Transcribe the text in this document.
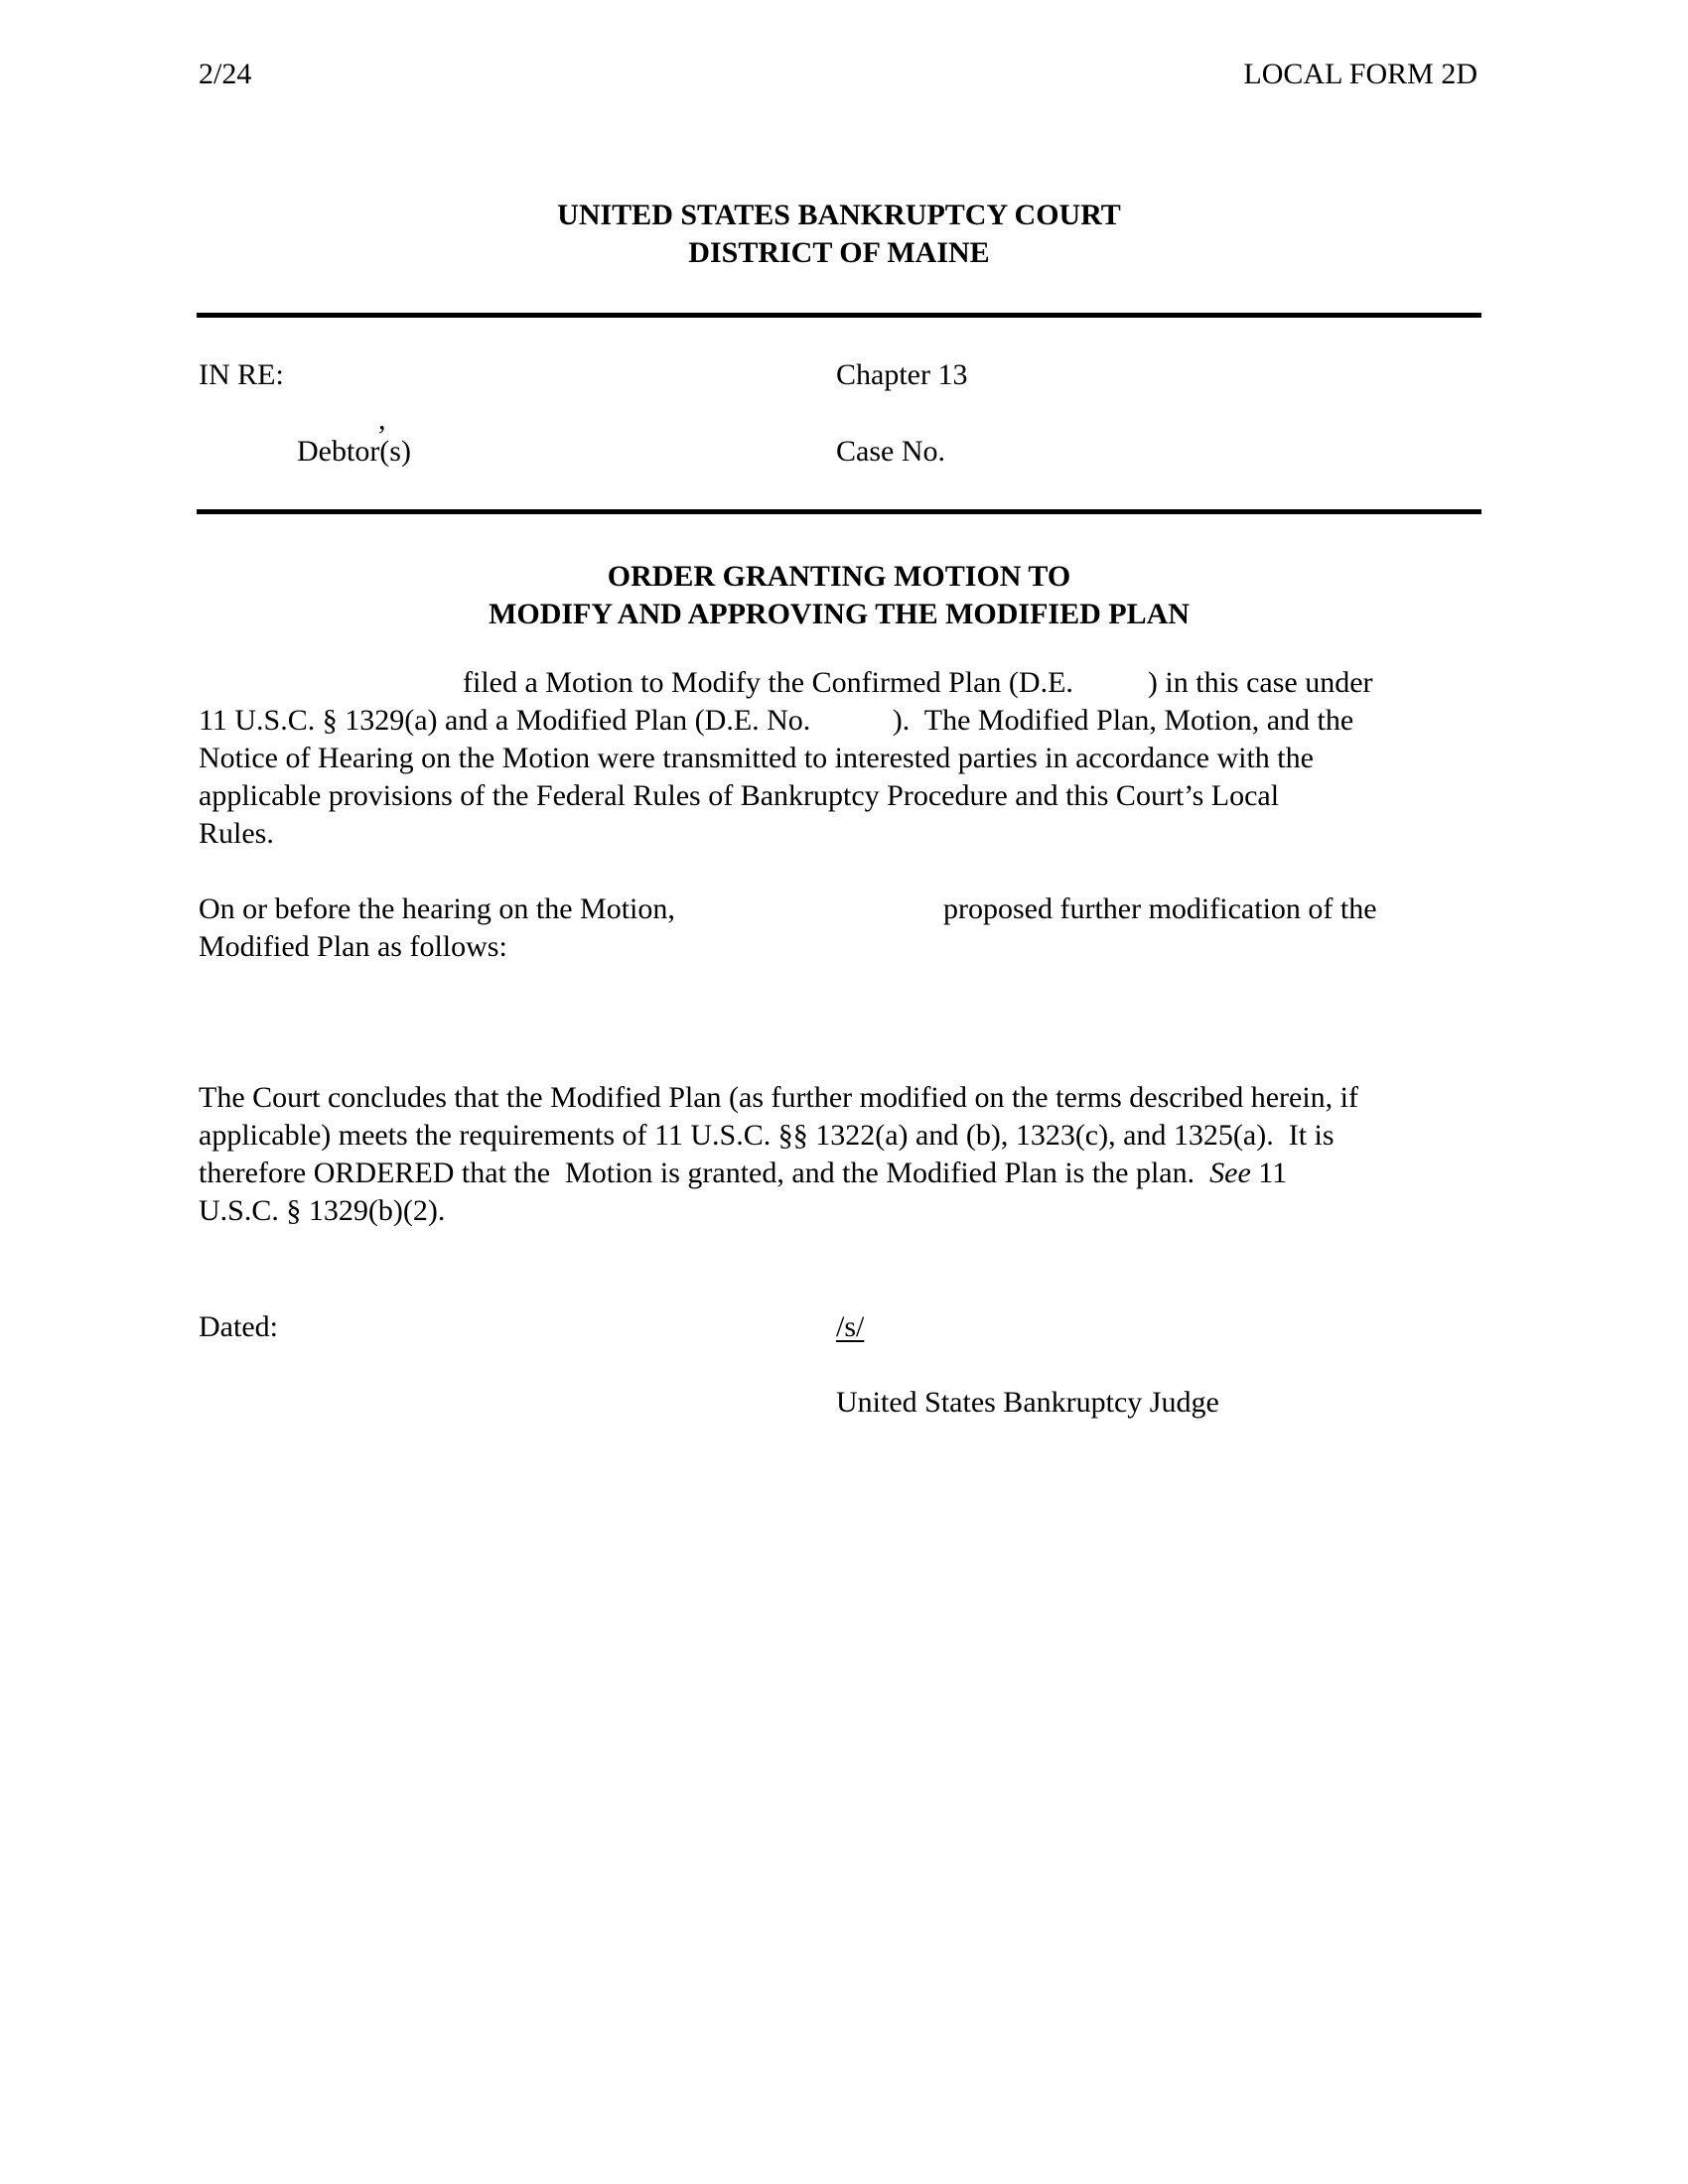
2/24	LOCAL FORM 2D
UNITED STATES BANKRUPTCY COURT
DISTRICT OF MAINE
IN RE:	Chapter 13
,
Debtor(s)	Case No.
ORDER GRANTING MOTION TO
MODIFY AND APPROVING THE MODIFIED PLAN
filed a Motion to Modify the Confirmed Plan (D.E.          ) in this case under
11 U.S.C. § 1329(a) and a Modified Plan (D.E. No.           ).  The Modified Plan, Motion, and the
Notice of Hearing on the Motion were transmitted to interested parties in accordance with the
applicable provisions of the Federal Rules of Bankruptcy Procedure and this Court’s Local
Rules.
On or before the hearing on the Motion,	proposed further modification of the
Modified Plan as follows:
The Court concludes that the Modified Plan (as further modified on the terms described herein, if
applicable) meets the requirements of 11 U.S.C. §§ 1322(a) and (b), 1323(c), and 1325(a).  It is
therefore ORDERED that the  Motion is granted, and the Modified Plan is the plan.  See 11
U.S.C. § 1329(b)(2).
Dated:	/s/
United States Bankruptcy Judge
